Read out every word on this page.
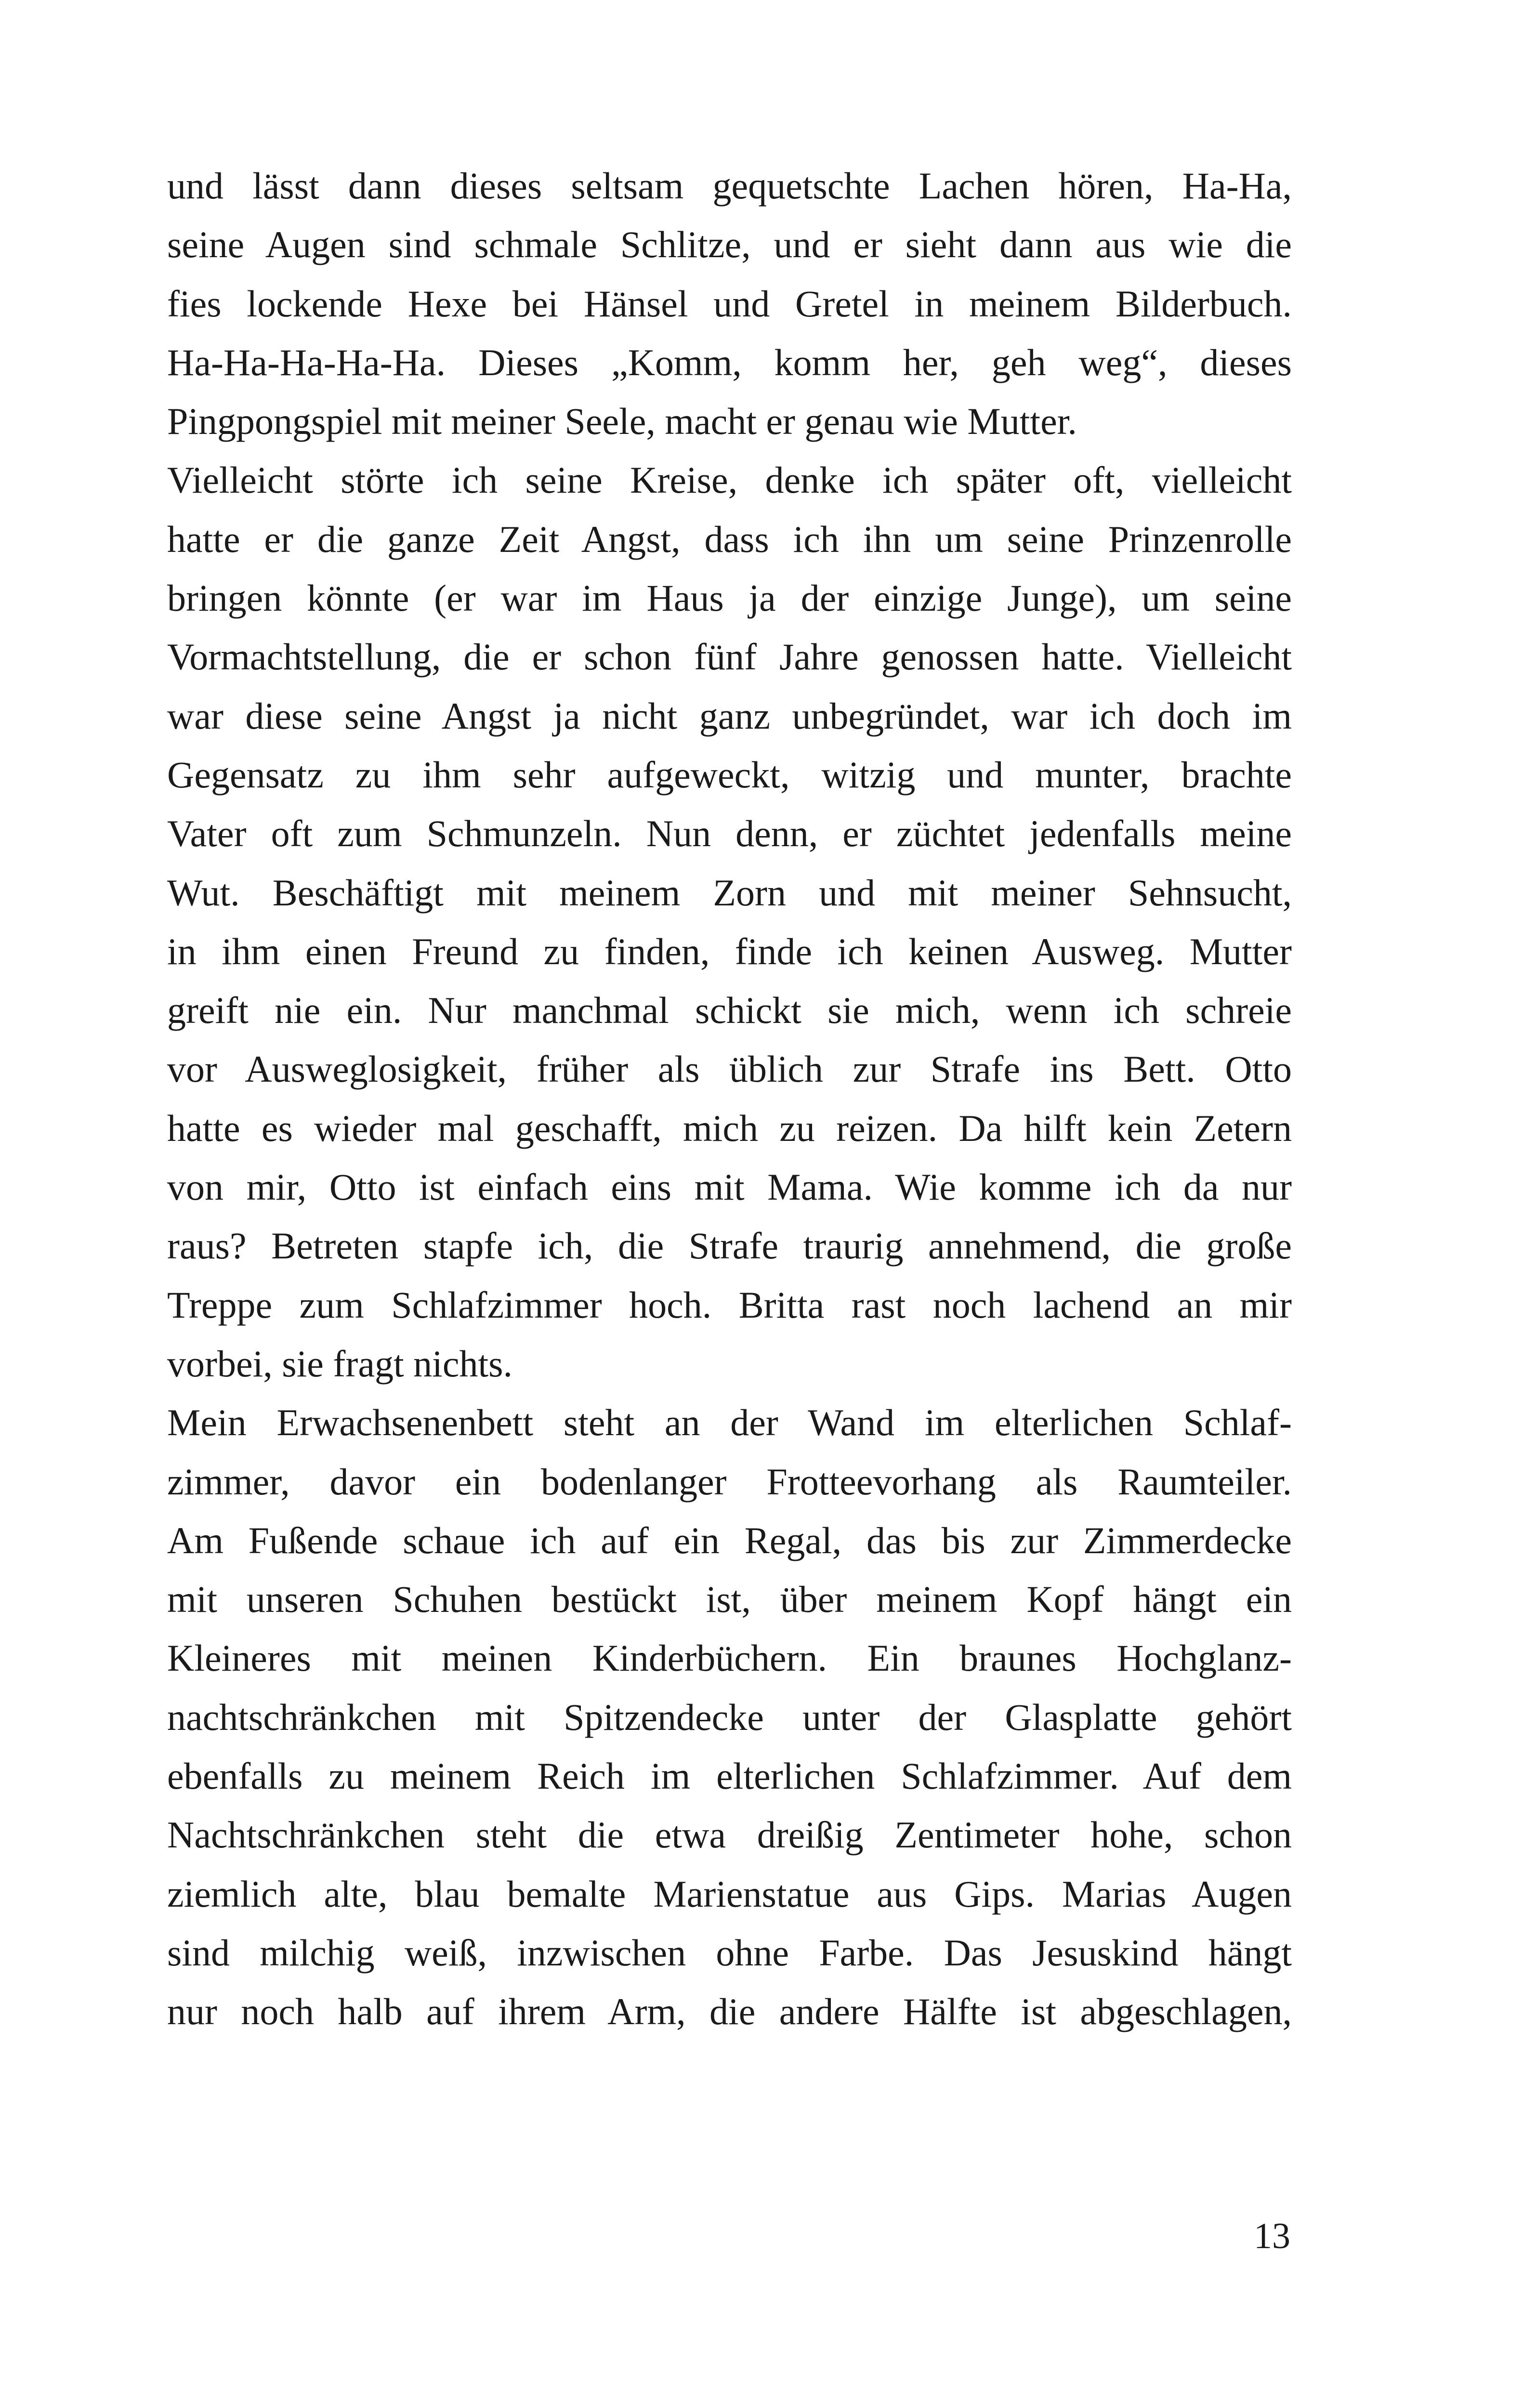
und lässt dann dieses seltsam gequetschte Lachen hören, Ha-Ha,
seine Augen sind schmale Schlitze, und er sieht dann aus wie die
fies lockende Hexe bei Hänsel und Gretel in meinem Bilderbuch.
Ha-Ha-Ha-Ha-Ha. Dieses „Komm, komm her, geh weg“, dieses
Pingpongspiel mit meiner Seele, macht er genau wie Mutter.
Vielleicht störte ich seine Kreise, denke ich später oft, vielleicht
hatte er die ganze Zeit Angst, dass ich ihn um seine Prinzenrolle
bringen könnte (er war im Haus ja der einzige Junge), um seine
Vormachtstellung, die er schon fünf Jahre genossen hatte. Vielleicht
war diese seine Angst ja nicht ganz unbegründet, war ich doch im
Gegensatz zu ihm sehr aufgeweckt, witzig und munter, brachte
Vater oft zum Schmunzeln. Nun denn, er züchtet jedenfalls meine
Wut. Beschäftigt mit meinem Zorn und mit meiner Sehnsucht,
in ihm einen Freund zu finden, finde ich keinen Ausweg. Mutter
greift nie ein. Nur manchmal schickt sie mich, wenn ich schreie
vor Ausweglosigkeit, früher als üblich zur Strafe ins Bett. Otto
hatte es wieder mal geschafft, mich zu reizen. Da hilft kein Zetern
von mir, Otto ist einfach eins mit Mama. Wie komme ich da nur
raus? Betreten stapfe ich, die Strafe traurig annehmend, die große
Treppe zum Schlafzimmer hoch. Britta rast noch lachend an mir
vorbei, sie fragt nichts.
Mein Erwachsenenbett steht an der Wand im elterlichen Schlaf-
zimmer, davor ein bodenlanger Frotteevorhang als Raumteiler.
Am Fußende schaue ich auf ein Regal, das bis zur Zimmerdecke
mit unseren Schuhen bestückt ist, über meinem Kopf hängt ein
Kleineres mit meinen Kinderbüchern. Ein braunes Hochglanz-
nachtschränkchen mit Spitzendecke unter der Glasplatte gehört
ebenfalls zu meinem Reich im elterlichen Schlafzimmer. Auf dem
Nachtschränkchen steht die etwa dreißig Zentimeter hohe, schon
ziemlich alte, blau bemalte Marienstatue aus Gips. Marias Augen
sind milchig weiß, inzwischen ohne Farbe. Das Jesuskind hängt
nur noch halb auf ihrem Arm, die andere Hälfte ist abgeschlagen,
13
